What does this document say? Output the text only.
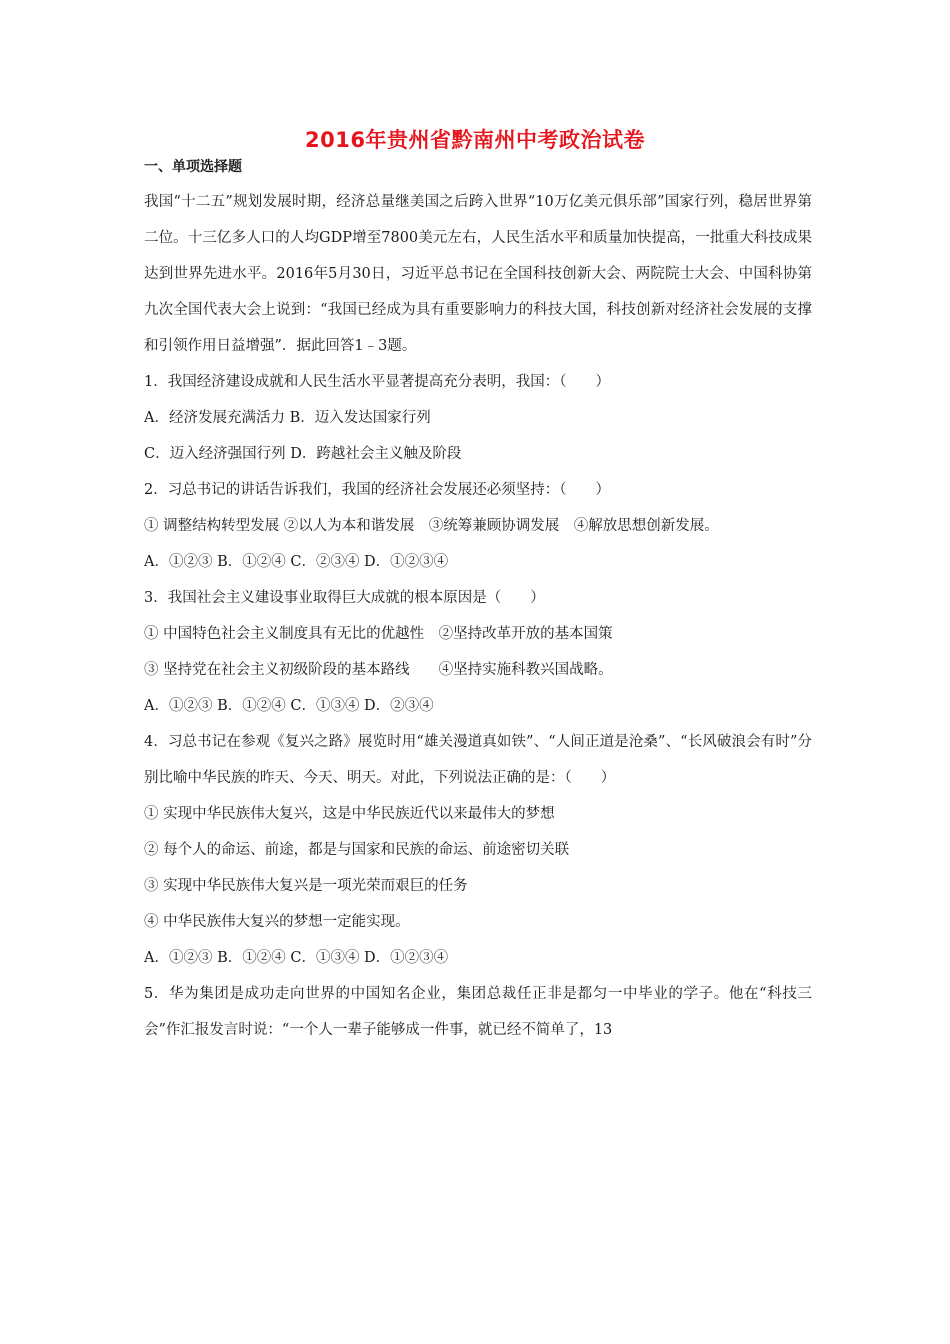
2016年贵州省黔南州中考政治试卷
一、单项选择题

我国“十二五”规划发展时期，经济总量继美国之后跨入世界“10万亿美元俱乐部”国家行列，稳居世界第二位。十三亿多人口的人均GDP增至7800美元左右，人民生活水平和质量加快提高，一批重大科技成果达到世界先进水平。2016年5月30日，习近平总书记在全国科技创新大会、两院院士大会、中国科协第九次全国代表大会上说到：“我国已经成为具有重要影响力的科技大国，科技创新对经济社会发展的支撑和引领作用日益增强”．据此回答1﹣3题。

1．我国经济建设成就和人民生活水平显著提高充分表明，我国：（　　）

A．经济发展充满活力 B．迈入发达国家行列

C．迈入经济强国行列 D．跨越社会主义触及阶段

2．习总书记的讲话告诉我们，我国的经济社会发展还必须坚持：（　　）

① 调整结构转型发展 ②以人为本和谐发展　③统筹兼顾协调发展　④解放思想创新发展。

A．①②③ B．①②④ C．②③④ D．①②③④

3．我国社会主义建设事业取得巨大成就的根本原因是（　　）

① 中国特色社会主义制度具有无比的优越性　②坚持改革开放的基本国策

③ 坚持党在社会主义初级阶段的基本路线　　④坚持实施科教兴国战略。

A．①②③ B．①②④ C．①③④ D．②③④

4．习总书记在参观《复兴之路》展览时用“雄关漫道真如铁”、“人间正道是沧桑”、“长风破浪会有时”分别比喻中华民族的昨天、今天、明天。对此，下列说法正确的是：（　　）

① 实现中华民族伟大复兴，这是中华民族近代以来最伟大的梦想

② 每个人的命运、前途，都是与国家和民族的命运、前途密切关联

③ 实现中华民族伟大复兴是一项光荣而艰巨的任务

④ 中华民族伟大复兴的梦想一定能实现。

A．①②③ B．①②④ C．①③④ D．①②③④

5．华为集团是成功走向世界的中国知名企业，集团总裁任正非是都匀一中毕业的学子。他在“科技三会”作汇报发言时说：“一个人一辈子能够成一件事，就已经不简单了，13
